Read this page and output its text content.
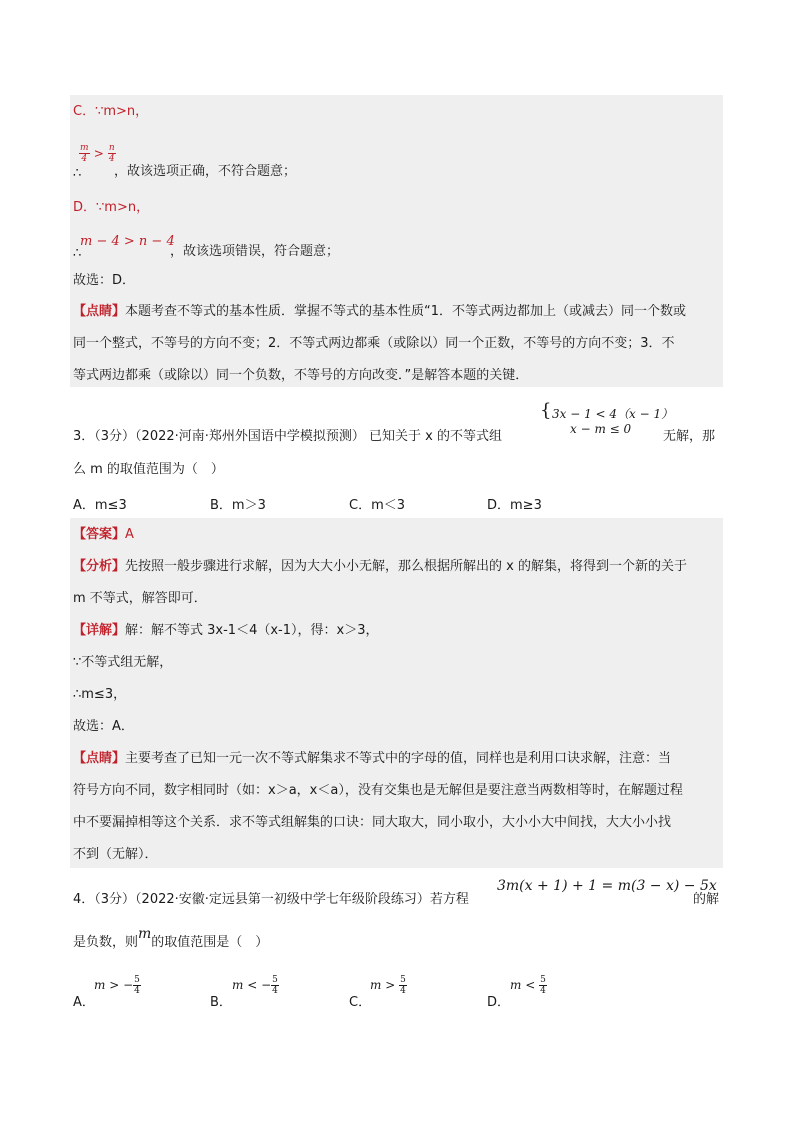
C．∵m>n，
$\frac{m}{4} > \frac{n}{4}$
∴	，故该选项正确，不符合题意；
D．∵m>n，
∴
m − 4 > n − 4
，故该选项错误，符合题意；
故选：D．
【点睛】本题考查不等式的基本性质．掌握不等式的基本性质“1．不等式两边都加上（或减去）同一个数或
同一个整式，不等号的方向不变；2．不等式两边都乘（或除以）同一个正数，不等号的方向不变；3．不
等式两边都乘（或除以）同一个负数，不等号的方向改变．”是解答本题的关键．
3．（3分）（2022·河南·郑州外国语中学模拟预测） 已知关于 x 的不等式组
{ 3x − 1 < 4（x − 1）
x − m ≤ 0	无解，那
么 m 的取值范围为（　）
A．m≤3	B．m＞3	C．m＜3	D．m≥3
【答案】A
【分析】先按照一般步骤进行求解，因为大大小小无解，那么根据所解出的 x 的解集，将得到一个新的关于
m 不等式，解答即可．
【详解】解：解不等式 3x-1＜4（x-1），得：x＞3，
∵不等式组无解，
∴m≤3，
故选：A．
【点睛】主要考查了已知一元一次不等式解集求不等式中的字母的值，同样也是利用口诀求解，注意：当
符号方向不同，数字相同时（如：x＞a，x＜a），没有交集也是无解但是要注意当两数相等时，在解题过程
中不要漏掉相等这个关系．求不等式组解集的口诀：同大取大，同小取小，大小小大中间找，大大小小找
不到（无解）．
4．（3分）（2022·安徽·定远县第一初级中学七年级阶段练习）若方程
3m(x + 1) + 1 = m(3 − x) − 5x
的解
是负数，则m的取值范围是（　）
A．
m > − $\frac{5}{4}$
B．
m < − $\frac{5}{4}$
C．
$m > \frac{5}{4}$
D．
$m < \frac{5}{4}$
